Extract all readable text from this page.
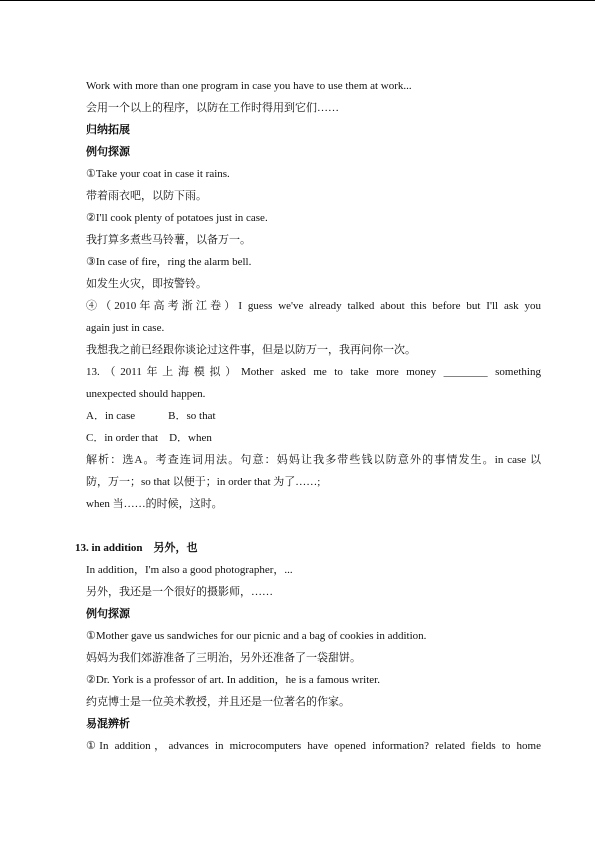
Work with more than one program in case you have to use them at work...
会用一个以上的程序，以防在工作时得用到它们……
归纳拓展
例句探源
①Take your coat in case it rains.
带着雨衣吧，以防下雨。
②I'll cook plenty of potatoes just in case.
我打算多煮些马铃薯，以备万一。
③In case of fire，ring the alarm bell.
如发生火灾，即按警铃。
④（2010年高考浙江卷）I guess we've already talked about this before but I'll ask you
again just in case.
我想我之前已经跟你谈论过这件事，但是以防万一，我再问你一次。
13.（2011年上海模拟）Mother asked me to take more money ________ something
unexpected should happen.
A．in case　　　B．so that
C．in order that　D．when
解析：选A。考查连词用法。句意：妈妈让我多带些钱以防意外的事情发生。in case 以
防，万一；so that 以便于；in order that 为了……;
when 当……的时候，这时。
13. in addition　另外，也
In addition，I'm also a good photographer，...
另外，我还是一个很好的摄影师，……
例句探源
①Mother gave us sandwiches for our picnic and a bag of cookies in addition.
妈妈为我们郊游准备了三明治，另外还准备了一袋甜饼。
②Dr. York is a professor of art. In addition，he is a famous writer.
约克博士是一位美术教授，并且还是一位著名的作家。
易混辨析
①In addition，advances in microcomputers have opened information? related fields to home
